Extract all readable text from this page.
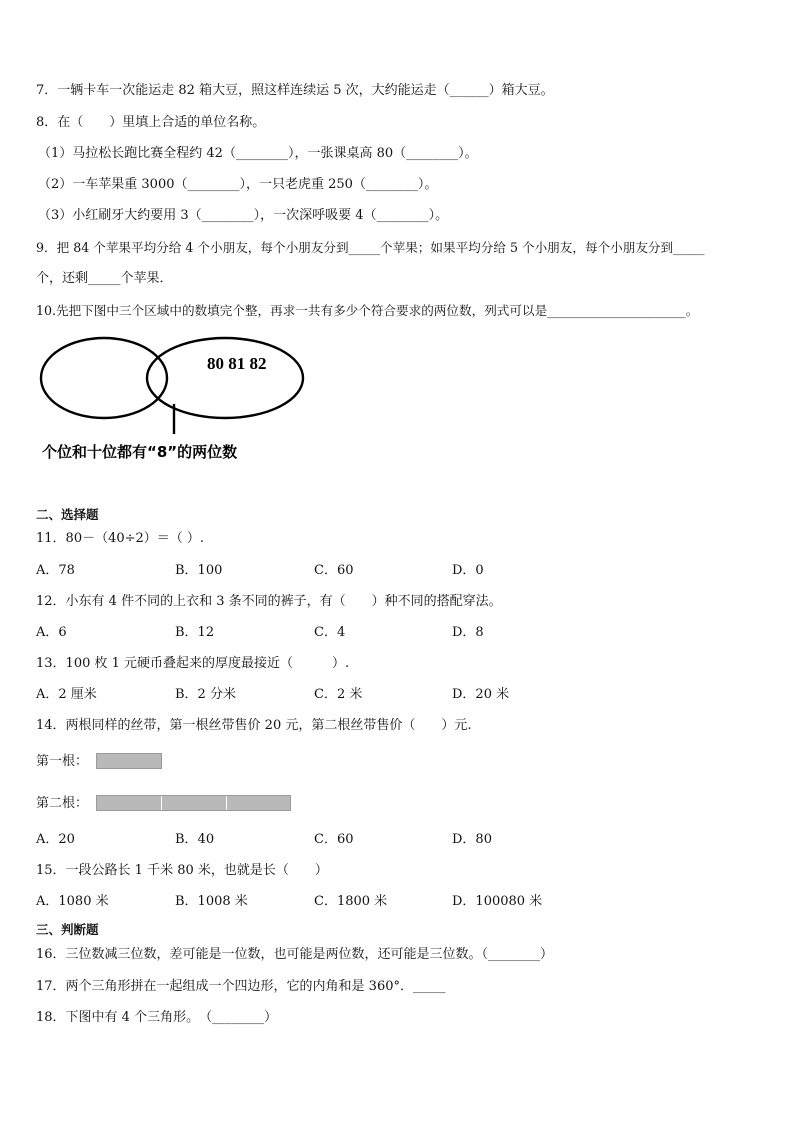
7．一辆卡车一次能运走 82 箱大豆，照这样连续运 5 次，大约能运走（______）箱大豆。
8．在（　　）里填上合适的单位名称。
（1）马拉松长跑比赛全程约 42（________），一张课桌高 80（________）。
（2）一车苹果重 3000（________），一只老虎重 250（________）。
（3）小红刷牙大约要用 3（________），一次深呼吸要 4（________）。
9．把 84 个苹果平均分给 4 个小朋友，每个小朋友分到_____个苹果；如果平均分给 5 个小朋友，每个小朋友分到_____
个，还剩_____个苹果．
10.先把下图中三个区域中的数填完个整，再求一共有多少个符合要求的两位数，列式可以是______________________。
80 81 82
个位和十位都有“8”的两位数
二、选择题
11．80－（40÷2）＝（ ）.
A．78	B．100	C．60	D．0
12．小东有 4 件不同的上衣和 3 条不同的裤子，有（　　）种不同的搭配穿法。
A．6	B．12	C．4	D．8
13．100 枚 1 元硬币叠起来的厚度最接近（　　　）.
A．2 厘米	B．2 分米	C．2 米	D．20 米
14．两根同样的丝带，第一根丝带售价 20 元，第二根丝带售价（　　）元.
第一根：
第二根：
A．20	B．40	C．60	D．80
15．一段公路长 1 千米 80 米，也就是长（　　）
A．1080 米	B．1008 米	C．1800 米	D．100080 米
三、判断题
16．三位数减三位数，差可能是一位数，也可能是两位数，还可能是三位数。（________）
17．两个三角形拼在一起组成一个四边形，它的内角和是 360°．_____
18．下图中有 4 个三角形。　（________）
